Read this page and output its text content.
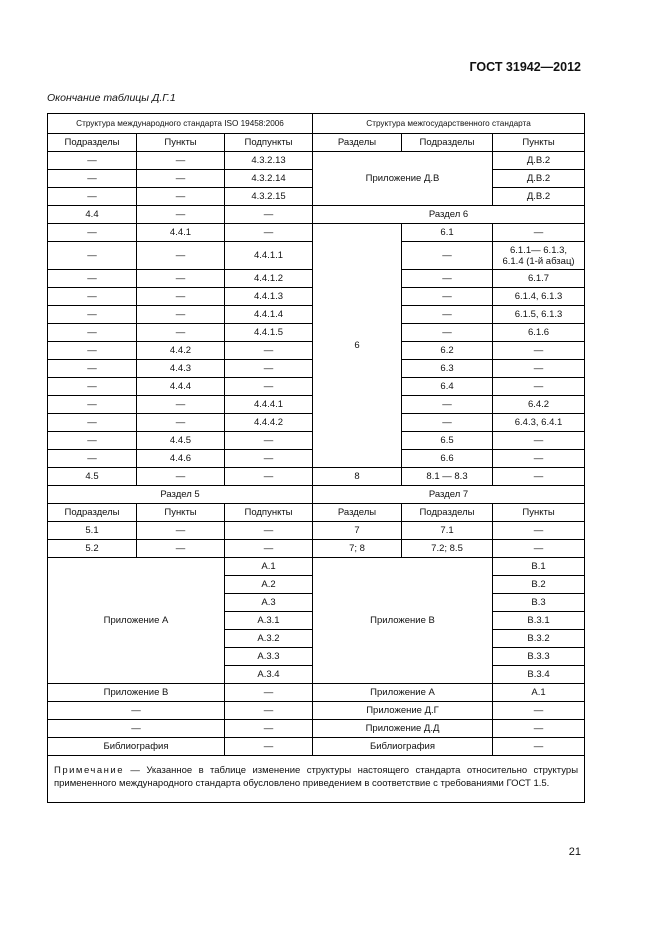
ГОСТ 31942—2012
Окончание таблицы Д.Г.1
Структура международного стандарта ISO 19458:2006			Структура межгосударственного стандарта		
Подразделы	Пункты	Подпункты	Разделы	Подразделы	Пункты
—	—	4.3.2.13	Приложение Д.В		Д.В.2
—	—	4.3.2.14			Д.В.2
—	—	4.3.2.15			Д.В.2
4.4	—	—	Раздел 6		
—	4.4.1	—	6	6.1	—
—	—	4.4.1.1		—	6.1.1— 6.1.3,
6.1.4 (1-й абзац)
—	—	4.4.1.2		—	6.1.7
—	—	4.4.1.3		—	6.1.4, 6.1.3
—	—	4.4.1.4		—	6.1.5, 6.1.3
—	—	4.4.1.5		—	6.1.6
—	4.4.2	—		6.2	—
—	4.4.3	—		6.3	—
—	4.4.4	—		6.4	—
—	—	4.4.4.1		—	6.4.2
—	—	4.4.4.2		—	6.4.3, 6.4.1
—	4.4.5	—		6.5	—
—	4.4.6	—		6.6	—
4.5	—	—	8	8.1 — 8.3	—
Раздел 5			Раздел 7		
Подразделы	Пункты	Подпункты	Разделы	Подразделы	Пункты
5.1	—	—	7	7.1	—
5.2	—	—	7; 8	7.2; 8.5	—
Приложение А		А.1	Приложение В		В.1
		А.2			В.2
		А.3			В.3
		А.3.1			В.3.1
		А.3.2			В.3.2
		А.3.3			В.3.3
		А.3.4			В.3.4
Приложение В		—	Приложение А		А.1
—		—	Приложение Д.Г		—
—		—	Приложение Д.Д		—
Библиография		—	Библиография		—
Примечание — Указанное в таблице изменение структуры настоящего стандарта относительно структуры примененного международного стандарта обусловлено приведением в соответствие с требованиями ГОСТ 1.5.					
21
